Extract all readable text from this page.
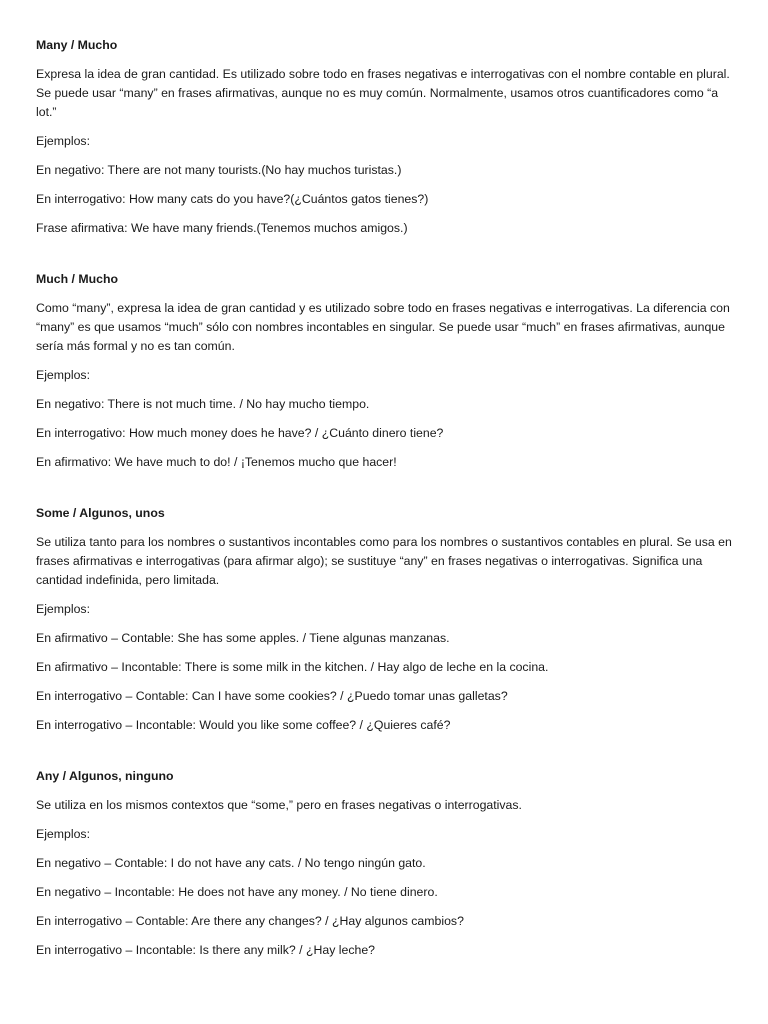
Many / Mucho

Expresa la idea de gran cantidad. Es utilizado sobre todo en frases negativas e interrogativas con el nombre contable en plural. Se puede usar “many” en frases afirmativas, aunque no es muy común. Normalmente, usamos otros cuantificadores como “a lot.”

Ejemplos:

En negativo: There are not many tourists.(No hay muchos turistas.)

En interrogativo: How many cats do you have?(¿Cuántos gatos tienes?)

Frase afirmativa: We have many friends.(Tenemos muchos amigos.)

Much / Mucho

Como “many”, expresa la idea de gran cantidad y es utilizado sobre todo en frases negativas e interrogativas. La diferencia con “many” es que usamos “much” sólo con nombres incontables en singular. Se puede usar “much” en frases afirmativas, aunque sería más formal y no es tan común.

Ejemplos:

En negativo: There is not much time. / No hay mucho tiempo.

En interrogativo: How much money does he have? / ¿Cuánto dinero tiene?

En afirmativo: We have much to do! / ¡Tenemos mucho que hacer!

Some / Algunos, unos

Se utiliza tanto para los nombres o sustantivos incontables como para los nombres o sustantivos contables en plural. Se usa en frases afirmativas e interrogativas (para afirmar algo); se sustituye “any” en frases negativas o interrogativas. Significa una cantidad indefinida, pero limitada.

Ejemplos:

En afirmativo – Contable: She has some apples. / Tiene algunas manzanas.

En afirmativo – Incontable: There is some milk in the kitchen. / Hay algo de leche en la cocina.

En interrogativo – Contable: Can I have some cookies? / ¿Puedo tomar unas galletas?

En interrogativo – Incontable: Would you like some coffee? / ¿Quieres café?

Any / Algunos, ninguno

Se utiliza en los mismos contextos que “some,” pero en frases negativas o interrogativas.

Ejemplos:

En negativo – Contable: I do not have any cats. / No tengo ningún gato.

En negativo – Incontable: He does not have any money. / No tiene dinero.

En interrogativo – Contable: Are there any changes? / ¿Hay algunos cambios?

En interrogativo – Incontable: Is there any milk? / ¿Hay leche?
